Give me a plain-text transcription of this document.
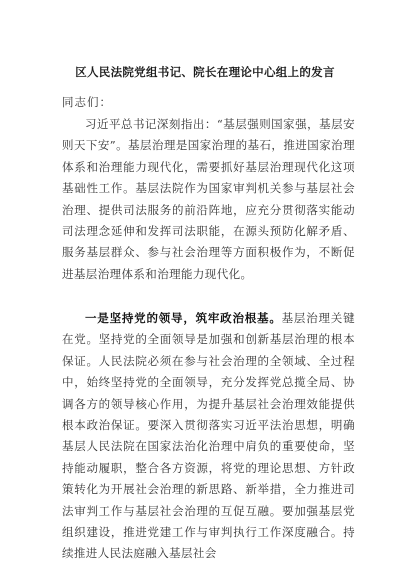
区人民法院党组书记、院长在理论中心组上的发言
同志们：
习近平总书记深刻指出：“基层强则国家强，基层安则天下安”。基层治理是国家治理的基石，推进国家治理体系和治理能力现代化，需要抓好基层治理现代化这项基础性工作。基层法院作为国家审判机关参与基层社会治理、提供司法服务的前沿阵地，应充分贯彻落实能动司法理念延伸和发挥司法职能，在源头预防化解矛盾、服务基层群众、参与社会治理等方面积极作为，不断促进基层治理体系和治理能力现代化。
一是坚持党的领导，筑牢政治根基。基层治理关键在党。坚持党的全面领导是加强和创新基层治理的根本保证。人民法院必须在参与社会治理的全领域、全过程中，始终坚持党的全面领导，充分发挥党总揽全局、协调各方的领导核心作用，为提升基层社会治理效能提供根本政治保证。要深入贯彻落实习近平法治思想，明确基层人民法院在国家法治化治理中肩负的重要使命，坚持能动履职，整合各方资源，将党的理论思想、方针政策转化为开展社会治理的新思路、新举措，全力推进司法审判工作与基层社会治理的互促互融。要加强基层党组织建设，推进党建工作与审判执行工作深度融合。持续推进人民法庭融入基层社会
